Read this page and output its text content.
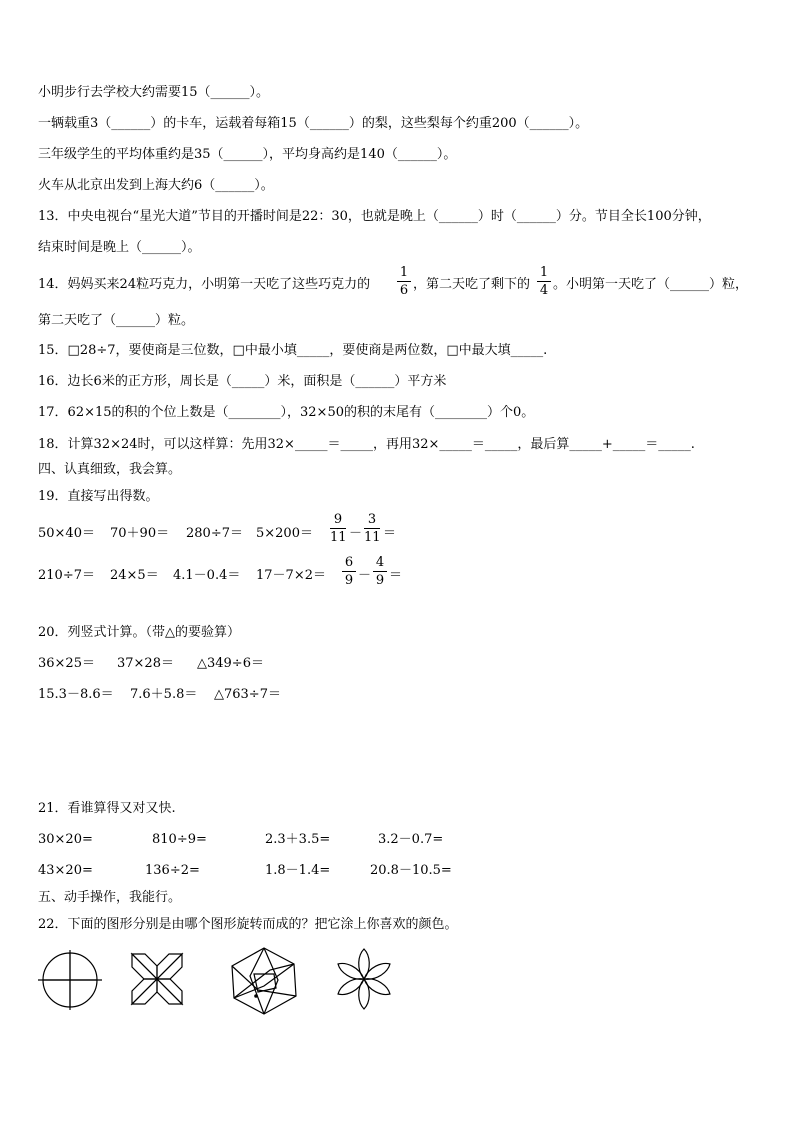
小明步行去学校大约需要15（______）。
一辆载重3（______）的卡车，运载着每箱15（______）的梨，这些梨每个约重200（______）。
三年级学生的平均体重约是35（______），平均身高约是140（______）。
火车从北京出发到上海大约6（______）。
13．中央电视台“星光大道”节目的开播时间是22：30，也就是晚上（______）时（______）分。节目全长100分钟，
结束时间是晚上（______）。
14．妈妈买来24粒巧克力，小明第一天吃了这些巧克力的
1
6 ，第二天吃了剩下的
1
4 。小明第一天吃了（______）粒，
第二天吃了（______）粒。
15．□28÷7，要使商是三位数，□中最小填_____，要使商是两位数，□中最大填_____.
16．边长6米的正方形，周长是（_____）米，面积是（______）平方米
17．62×15的积的个位上数是（________），32×50的积的末尾有（________）个0。
18．计算32×24时，可以这样算：先用32×_____＝_____，再用32×_____＝_____，最后算_____+_____＝_____.
四、认真细致，我会算。
19．直接写出得数。
50×40＝ 70＋90＝ 280÷7＝ 5×200＝
9
11 －
3
11 ＝
210÷7＝ 24×5＝ 4.1－0.4＝ 17－7×2＝
6
9 －
4
9 ＝
20．列竖式计算。（带△的要验算）
36×25＝ 37×28＝ △349÷6＝
15.3－8.6＝ 7.6＋5.8＝ △763÷7＝
21．看谁算得又对又快.
30×20=	810÷9=	2.3＋3.5=	3.2－0.7=
43×20=	136÷2=	1.8－1.4=	20.8－10.5=
五、动手操作，我能行。
22．下面的图形分别是由哪个图形旋转而成的？把它涂上你喜欢的颜色。
